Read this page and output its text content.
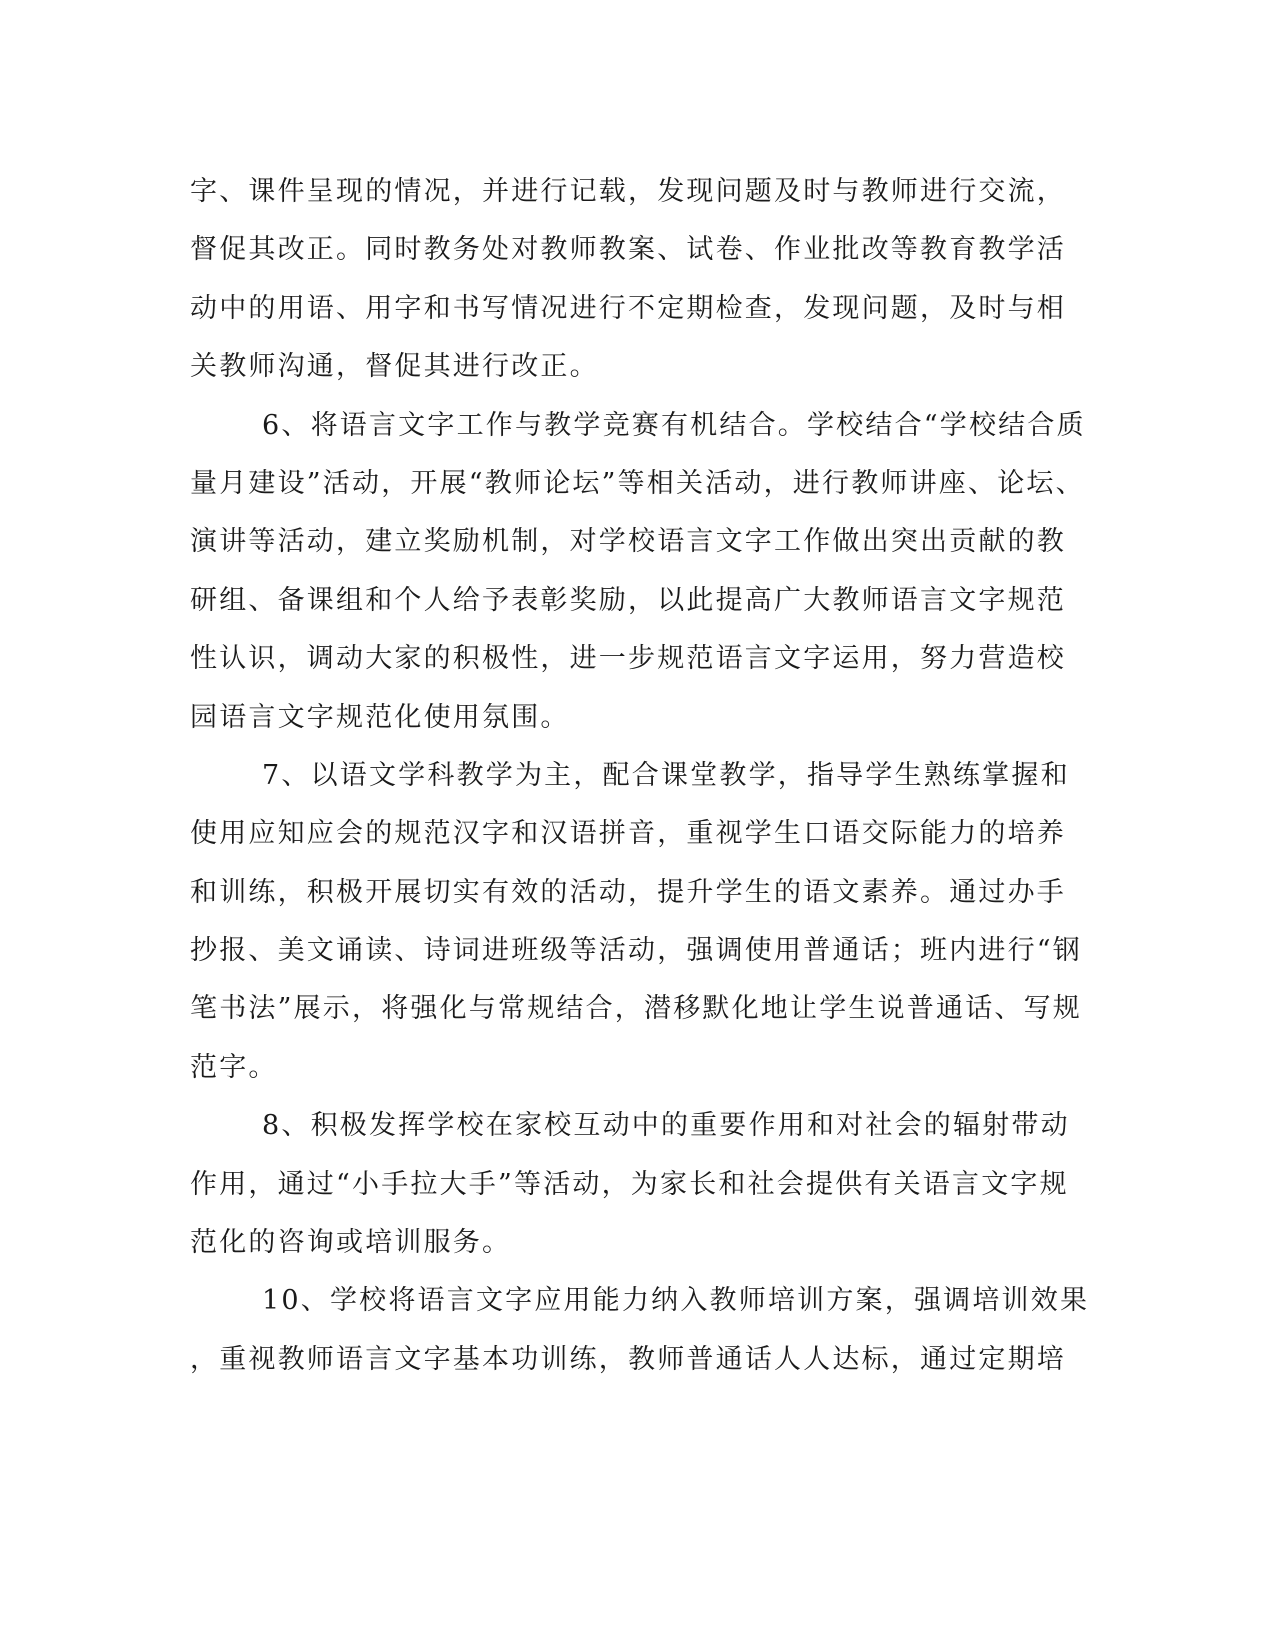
字、课件呈现的情况，并进行记载，发现问题及时与教师进行交流，
督促其改正。同时教务处对教师教案、试卷、作业批改等教育教学活
动中的用语、用字和书写情况进行不定期检查，发现问题，及时与相
关教师沟通，督促其进行改正。
6、将语言文字工作与教学竞赛有机结合。学校结合“学校结合质
量月建设”活动，开展“教师论坛”等相关活动，进行教师讲座、论坛、
演讲等活动，建立奖励机制，对学校语言文字工作做出突出贡献的教
研组、备课组和个人给予表彰奖励，以此提高广大教师语言文字规范
性认识，调动大家的积极性，进一步规范语言文字运用，努力营造校
园语言文字规范化使用氛围。
7、以语文学科教学为主，配合课堂教学，指导学生熟练掌握和
使用应知应会的规范汉字和汉语拼音，重视学生口语交际能力的培养
和训练，积极开展切实有效的活动，提升学生的语文素养。通过办手
抄报、美文诵读、诗词进班级等活动，强调使用普通话；班内进行“钢
笔书法”展示，将强化与常规结合，潜移默化地让学生说普通话、写规
范字。
8、积极发挥学校在家校互动中的重要作用和对社会的辐射带动
作用，通过“小手拉大手”等活动，为家长和社会提供有关语言文字规
范化的咨询或培训服务。
10、学校将语言文字应用能力纳入教师培训方案，强调培训效果
，重视教师语言文字基本功训练，教师普通话人人达标，通过定期培
